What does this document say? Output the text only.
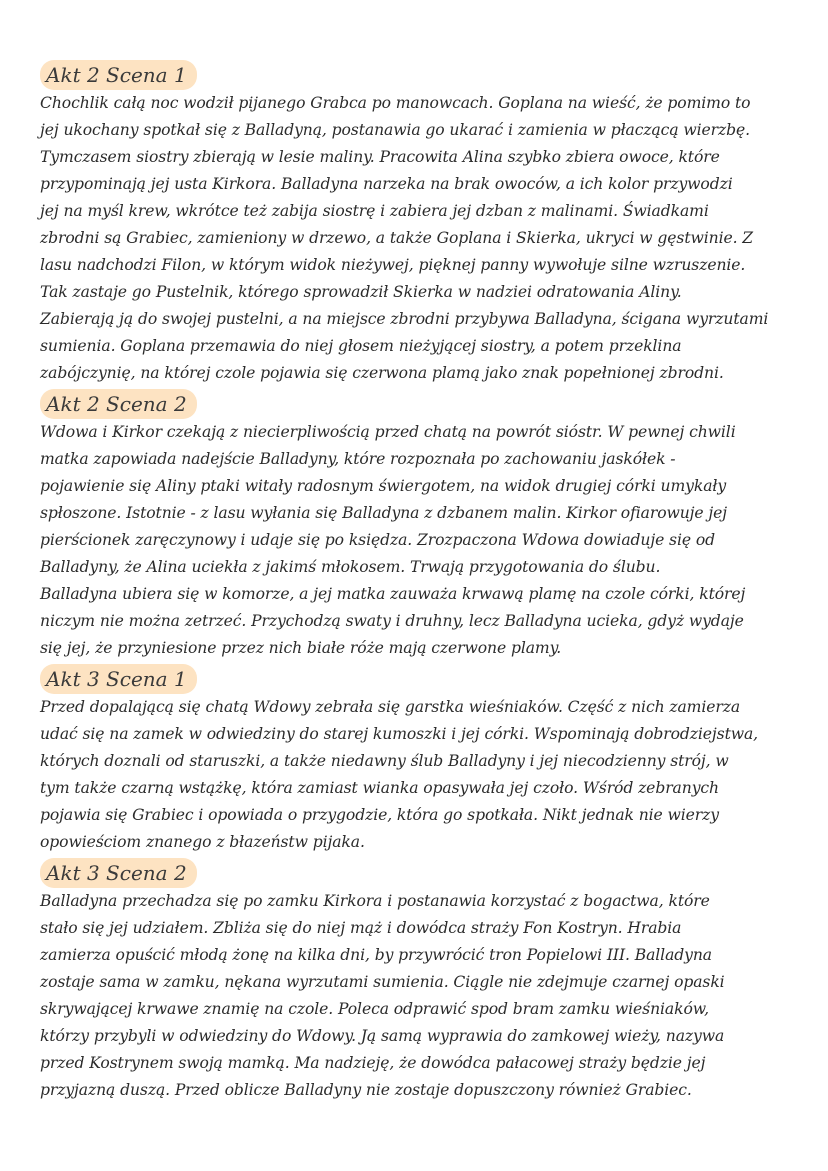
Akt 2 Scena 1
Chochlik całą noc wodził pijanego Grabca po manowcach. Goplana na wieść, że pomimo to
jej ukochany spotkał się z Balladyną, postanawia go ukarać i zamienia w płaczącą wierzbę.
Tymczasem siostry zbierają w lesie maliny. Pracowita Alina szybko zbiera owoce, które
przypominają jej usta Kirkora. Balladyna narzeka na brak owoców, a ich kolor przywodzi
jej na myśl krew, wkrótce też zabija siostrę i zabiera jej dzban z malinami. Świadkami
zbrodni są Grabiec, zamieniony w drzewo, a także Goplana i Skierka, ukryci w gęstwinie. Z
lasu nadchodzi Filon, w którym widok nieżywej, pięknej panny wywołuje silne wzruszenie.
Tak zastaje go Pustelnik, którego sprowadził Skierka w nadziei odratowania Aliny.
Zabierają ją do swojej pustelni, a na miejsce zbrodni przybywa Balladyna, ścigana wyrzutami
sumienia. Goplana przemawia do niej głosem nieżyjącej siostry, a potem przeklina
zabójczynię, na której czole pojawia się czerwona plamą jako znak popełnionej zbrodni.
Akt 2 Scena 2
Wdowa i Kirkor czekają z niecierpliwością przed chatą na powrót sióstr. W pewnej chwili
matka zapowiada nadejście Balladyny, które rozpoznała po zachowaniu jaskółek -
pojawienie się Aliny ptaki witały radosnym świergotem, na widok drugiej córki umykały
spłoszone. Istotnie - z lasu wyłania się Balladyna z dzbanem malin. Kirkor ofiarowuje jej
pierścionek zaręczynowy i udaje się po księdza. Zrozpaczona Wdowa dowiaduje się od
Balladyny, że Alina uciekła z jakimś młokosem. Trwają przygotowania do ślubu.
Balladyna ubiera się w komorze, a jej matka zauważa krwawą plamę na czole córki, której
niczym nie można zetrzeć. Przychodzą swaty i druhny, lecz Balladyna ucieka, gdyż wydaje
się jej, że przyniesione przez nich białe róże mają czerwone plamy.
Akt 3 Scena 1
Przed dopalającą się chatą Wdowy zebrała się garstka wieśniaków. Część z nich zamierza
udać się na zamek w odwiedziny do starej kumoszki i jej córki. Wspominają dobrodziejstwa,
których doznali od staruszki, a także niedawny ślub Balladyny i jej niecodzienny strój, w
tym także czarną wstążkę, która zamiast wianka opasywała jej czoło. Wśród zebranych
pojawia się Grabiec i opowiada o przygodzie, która go spotkała. Nikt jednak nie wierzy
opowieściom znanego z błazeństw pijaka.
Akt 3 Scena 2
Balladyna przechadza się po zamku Kirkora i postanawia korzystać z bogactwa, które
stało się jej udziałem. Zbliża się do niej mąż i dowódca straży Fon Kostryn. Hrabia
zamierza opuścić młodą żonę na kilka dni, by przywrócić tron Popielowi III. Balladyna
zostaje sama w zamku, nękana wyrzutami sumienia. Ciągle nie zdejmuje czarnej opaski
skrywającej krwawe znamię na czole. Poleca odprawić spod bram zamku wieśniaków,
którzy przybyli w odwiedziny do Wdowy. Ją samą wyprawia do zamkowej wieży, nazywa
przed Kostrynem swoją mamką. Ma nadzieję, że dowódca pałacowej straży będzie jej
przyjazną duszą. Przed oblicze Balladyny nie zostaje dopuszczony również Grabiec.
